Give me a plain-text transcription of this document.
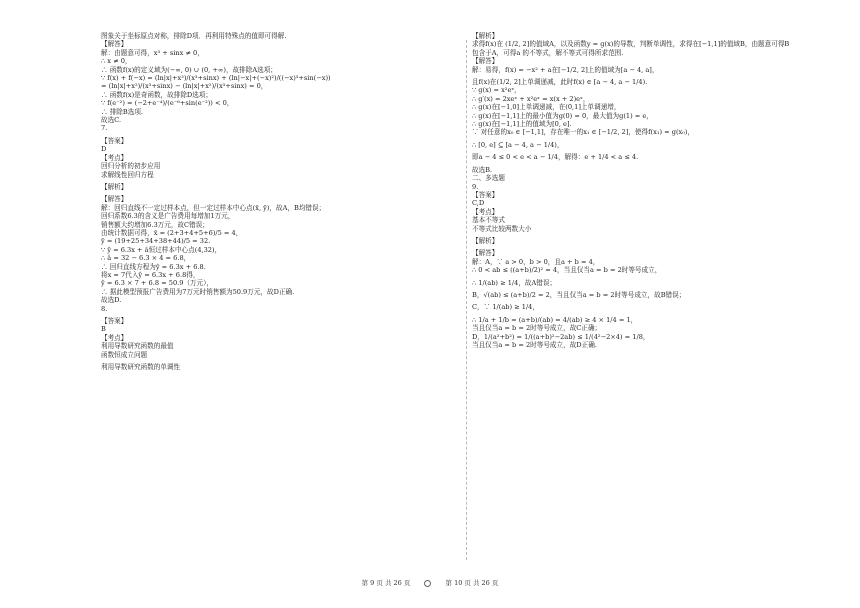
图象关于坐标原点对称，排除D项．再利用特殊点的值即可得解.
【解答】
解：由题意可得，x³ + sinx ≠ 0，
∴ x ≠ 0，
∴ 函数f(x)的定义域为(−∞, 0) ∪ (0, +∞)，故排除A选项；
∵ f(x) + f(−x) = (ln|x|+x²)/(x³+sinx) + (ln|−x|+(−x)²)/((−x)³+sin(−x))
= (ln|x|+x²)/(x³+sinx) − (ln|x|+x²)/(x³+sinx) = 0，
∴ 函数f(x)是奇函数，故排除D选项；
∵ f(e⁻²) = (−2+e⁻⁴)/(e⁻⁶+sin(e⁻²)) < 0，
∴ 排除B选项.
故选C.
7.
【答案】
D
【考点】
回归分析的初步应用
求解线性回归方程
【解析】
【解答】
解：回归直线不一定过样本点，但一定过样本中心点(x̄, ȳ)，故A，B均错误；
回归系数6.3的含义是广告费用每增加1万元，
销售额大约增加6.3万元，故C错误；
由统计数据可得，x̄ = (2+3+4+5+6)/5 = 4，
ȳ = (19+25+34+38+44)/5 = 32.
∵ ŷ = 6.3x + â恒过样本中心点(4,32)，
∴ â = 32 − 6.3 × 4 = 6.8，
∴ 回归直线方程为ŷ = 6.3x + 6.8.
将x = 7代入ŷ = 6.3x + 6.8得，
ŷ = 6.3 × 7 + 6.8 = 50.9（万元），
∴ 据此模型预报广告费用为7万元时销售额为50.9万元，故D正确.
故选D.
8.
【答案】
B
【考点】
利用导数研究函数的最值
函数恒成立问题
利用导数研究函数的单调性
【解析】
求得f(x)在 (1/2, 2]的值域A，以及函数y = g(x)的导数，判断单调性，求得在[−1,1]的值域B，由题意可得B
包含于A，可得a 的不等式，解不等式可得所求范围.
【解答】
解：易得，f(x) = −x² + a在[−1/2, 2]上的值域为[a − 4, a]，
且f(x)在(1/2, 2]上单调递减，此时f(x) ∈ [a − 4, a − 1/4).
∵ g(x) = x²eˣ，
∴ g′(x) = 2xeˣ + x²eˣ = x(x + 2)eˣ，
∴ g(x)在[−1,0]上单调递减，在(0,1]上单调递增，
∴ g(x)在[−1,1]上的最小值为g(0) = 0，最大值为g(1) = e，
∴ g(x)在[−1,1]上的值域为[0, e].
∵ 对任意的x₀ ∈ [−1,1]，存在唯一的x₁ ∈ [−1/2, 2]，使得f(x₁) = g(x₀)，
∴ [0, e] ⊆ [a − 4, a − 1/4)，
即a − 4 ≤ 0 < e < a − 1/4，解得：e + 1/4 < a ≤ 4.
故选B.
二、多选题
9.
【答案】
C,D
【考点】
基本不等式
不等式比较两数大小
【解析】
【解答】
解：A，∵ a > 0，b > 0，且a + b = 4，
∴ 0 < ab ≤ ((a+b)/2)² = 4，当且仅当a = b = 2时等号成立，
∴ 1/(ab) ≥ 1/4，故A错误；
B，√(ab) ≤ (a+b)/2 = 2，当且仅当a = b = 2时等号成立，故B错误；
C，∵ 1/(ab) ≥ 1/4，
∴ 1/a + 1/b = (a+b)/(ab) = 4/(ab) ≥ 4 × 1/4 = 1，
当且仅当a = b = 2时等号成立，故C正确；
D，1/(a²+b²) = 1/((a+b)²−2ab) ≤ 1/(4²−2×4) = 1/8，
当且仅当a = b = 2时等号成立，故D正确.
第 9 页 共 26 页	第 10 页 共 26 页
